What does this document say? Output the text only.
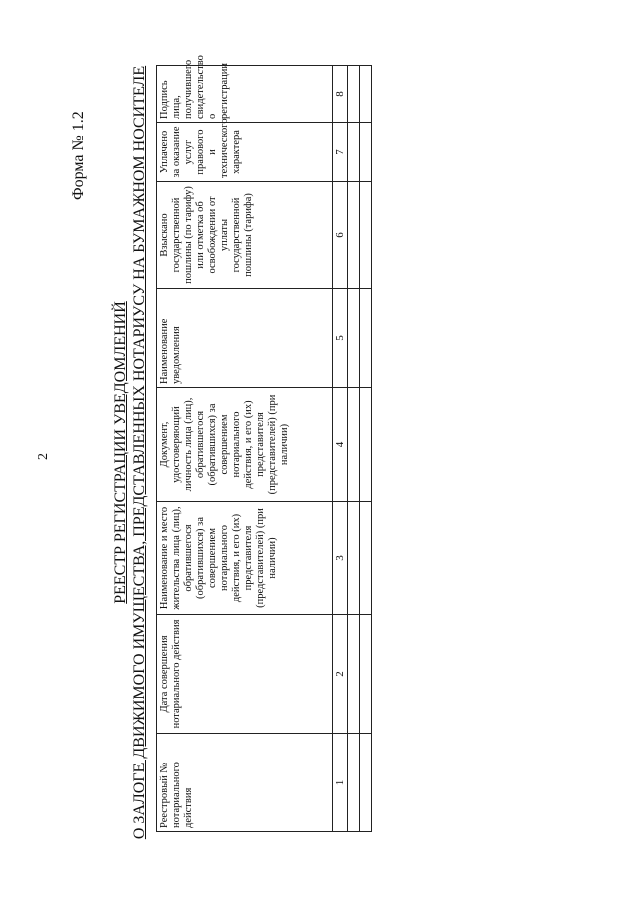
2
Форма № 1.2
РЕЕСТР РЕГИСТРАЦИИ УВЕДОМЛЕНИЙ О ЗАЛОГЕ ДВИЖИМОГО ИМУЩЕСТВА, ПРЕДСТАВЛЕННЫХ НОТАРИУСУ НА БУМАЖНОМ НОСИТЕЛЕ Реестровый № нотариального действия	Дата совершения нотариального действия	Наименование и место жительства лица (лиц), обратившегося (обратившихся) за совершением нотариального действия, и его (их) представителя (представителей) (при наличии)	Документ, удостоверяющий личность лица (лиц), обратившегося (обратившихся) за совершением нотариального действия, и его (их) представителя (представителей) (при наличии)	Наименование уведомления	Взыскано государственной пошлины (по тарифу) или отметка об освобождении от уплаты государственной пошлины (тарифа)	Уплачено за оказание услуг правового и технического характера	Подпись лица, получившего свидетельство о регистрации
1	2	3	4	5	6	7	8
